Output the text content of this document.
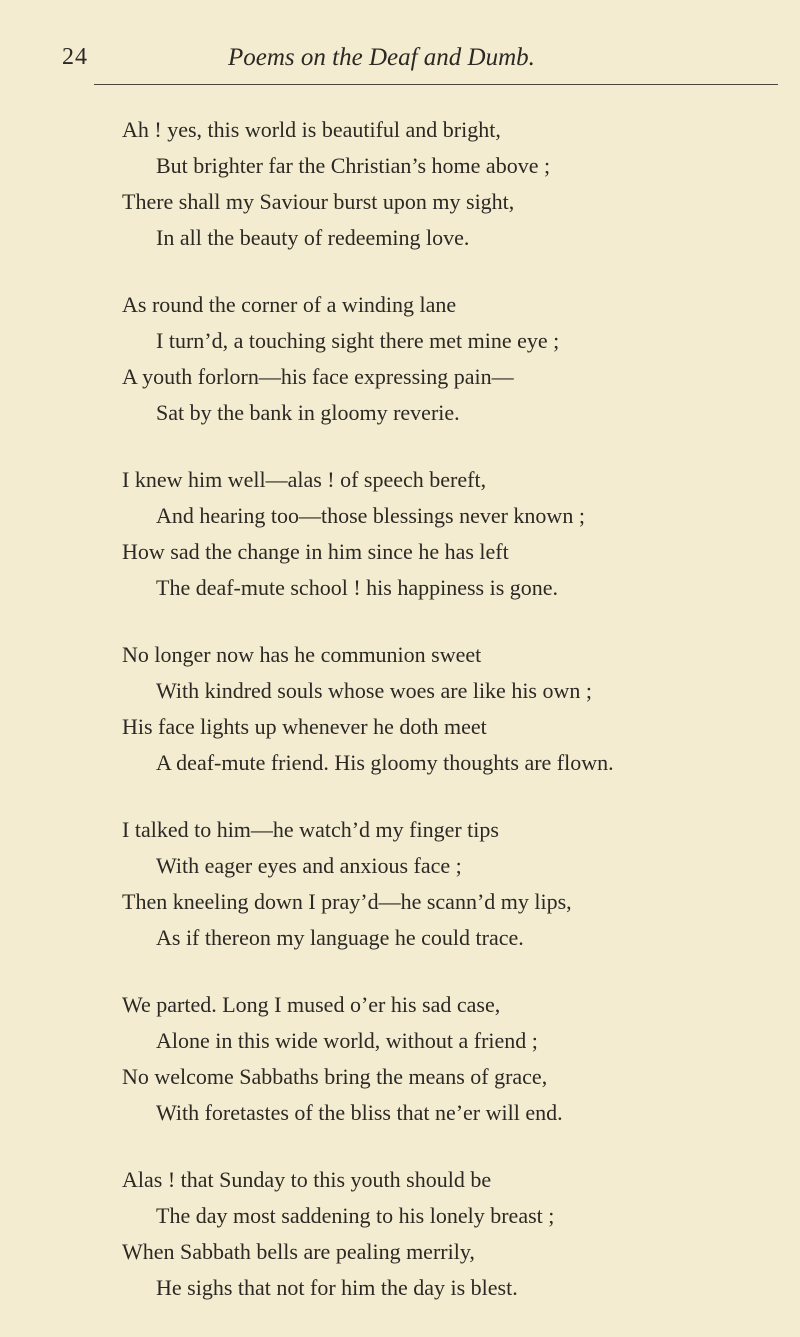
24	Poems on the Deaf and Dumb.
Ah ! yes, this world is beautiful and bright,
But brighter far the Christian’s home above ;
There shall my Saviour burst upon my sight,
In all the beauty of redeeming love.
As round the corner of a winding lane
I turn’d, a touching sight there met mine eye ;
A youth forlorn—his face expressing pain—
Sat by the bank in gloomy reverie.
I knew him well—alas ! of speech bereft,
And hearing too—those blessings never known ;
How sad the change in him since he has left
The deaf-mute school ! his happiness is gone.
No longer now has he communion sweet
With kindred souls whose woes are like his own ;
His face lights up whenever he doth meet
A deaf-mute friend. His gloomy thoughts are flown.
I talked to him—he watch’d my finger tips
With eager eyes and anxious face ;
Then kneeling down I pray’d—he scann’d my lips,
As if thereon my language he could trace.
We parted. Long I mused o’er his sad case,
Alone in this wide world, without a friend ;
No welcome Sabbaths bring the means of grace,
With foretastes of the bliss that ne’er will end.
Alas ! that Sunday to this youth should be
The day most saddening to his lonely breast ;
When Sabbath bells are pealing merrily,
He sighs that not for him the day is blest.
